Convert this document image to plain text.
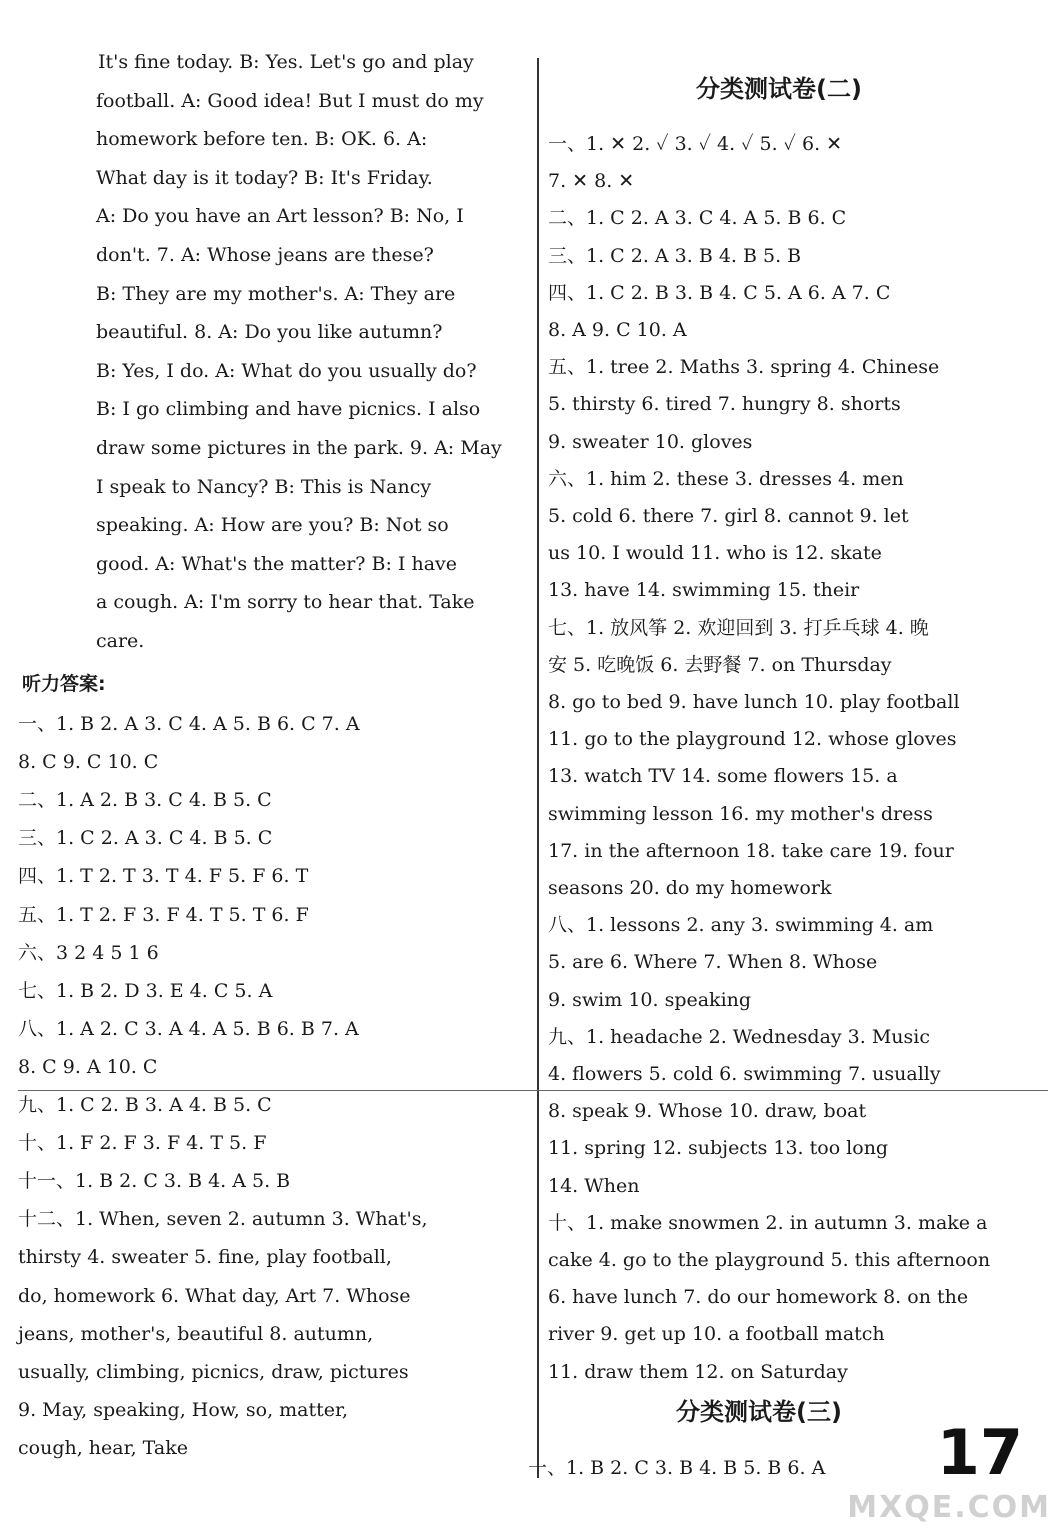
It's fine today. B: Yes. Let's go and play
football. A: Good idea! But I must do my
homework before ten. B: OK. 6. A:
What day is it today? B: It's Friday.
A: Do you have an Art lesson? B: No, I
don't. 7. A: Whose jeans are these?
B: They are my mother's. A: They are
beautiful. 8. A: Do you like autumn?
B: Yes, I do. A: What do you usually do?
B: I go climbing and have picnics. I also
draw some pictures in the park. 9. A: May
I speak to Nancy? B: This is Nancy
speaking. A: How are you? B: Not so
good. A: What's the matter? B: I have
a cough. A: I'm sorry to hear that. Take
care.
听力答案:
一、1. B 2. A 3. C 4. A 5. B 6. C 7. A
8. C 9. C 10. C
二、1. A 2. B 3. C 4. B 5. C
三、1. C 2. A 3. C 4. B 5. C
四、1. T 2. T 3. T 4. F 5. F 6. T
五、1. T 2. F 3. F 4. T 5. T 6. F
六、3 2 4 5 1 6
七、1. B 2. D 3. E 4. C 5. A
八、1. A 2. C 3. A 4. A 5. B 6. B 7. A
8. C 9. A 10. C
九、1. C 2. B 3. A 4. B 5. C
十、1. F 2. F 3. F 4. T 5. F
十一、1. B 2. C 3. B 4. A 5. B
十二、1. When, seven 2. autumn 3. What's,
thirsty 4. sweater 5. fine, play football,
do, homework 6. What day, Art 7. Whose
jeans, mother's, beautiful 8. autumn,
usually, climbing, picnics, draw, pictures
9. May, speaking, How, so, matter,
cough, hear, Take
分类测试卷(二)
一、1. ✕ 2. ✓ 3. ✓ 4. ✓ 5. ✓ 6. ✕
7. ✕ 8. ✕
二、1. C 2. A 3. C 4. A 5. B 6. C
三、1. C 2. A 3. B 4. B 5. B
四、1. C 2. B 3. B 4. C 5. A 6. A 7. C
8. A 9. C 10. A
五、1. tree 2. Maths 3. spring 4. Chinese
5. thirsty 6. tired 7. hungry 8. shorts
9. sweater 10. gloves
六、1. him 2. these 3. dresses 4. men
5. cold 6. there 7. girl 8. cannot 9. let
us 10. I would 11. who is 12. skate
13. have 14. swimming 15. their
七、1. 放风筝 2. 欢迎回到 3. 打乒乓球 4. 晚
安 5. 吃晚饭 6. 去野餐 7. on Thursday
8. go to bed 9. have lunch 10. play football
11. go to the playground 12. whose gloves
13. watch TV 14. some flowers 15. a
swimming lesson 16. my mother's dress
17. in the afternoon 18. take care 19. four
seasons 20. do my homework
八、1. lessons 2. any 3. swimming 4. am
5. are 6. Where 7. When 8. Whose
9. swim 10. speaking
九、1. headache 2. Wednesday 3. Music
4. flowers 5. cold 6. swimming 7. usually
8. speak 9. Whose 10. draw, boat
11. spring 12. subjects 13. too long
14. When
十、1. make snowmen 2. in autumn 3. make a
cake 4. go to the playground 5. this afternoon
6. have lunch 7. do our homework 8. on the
river 9. get up 10. a football match
11. draw them 12. on Saturday
分类测试卷(三)
一、1. B 2. C 3. B 4. B 5. B 6. A 17
MXQE.COM
